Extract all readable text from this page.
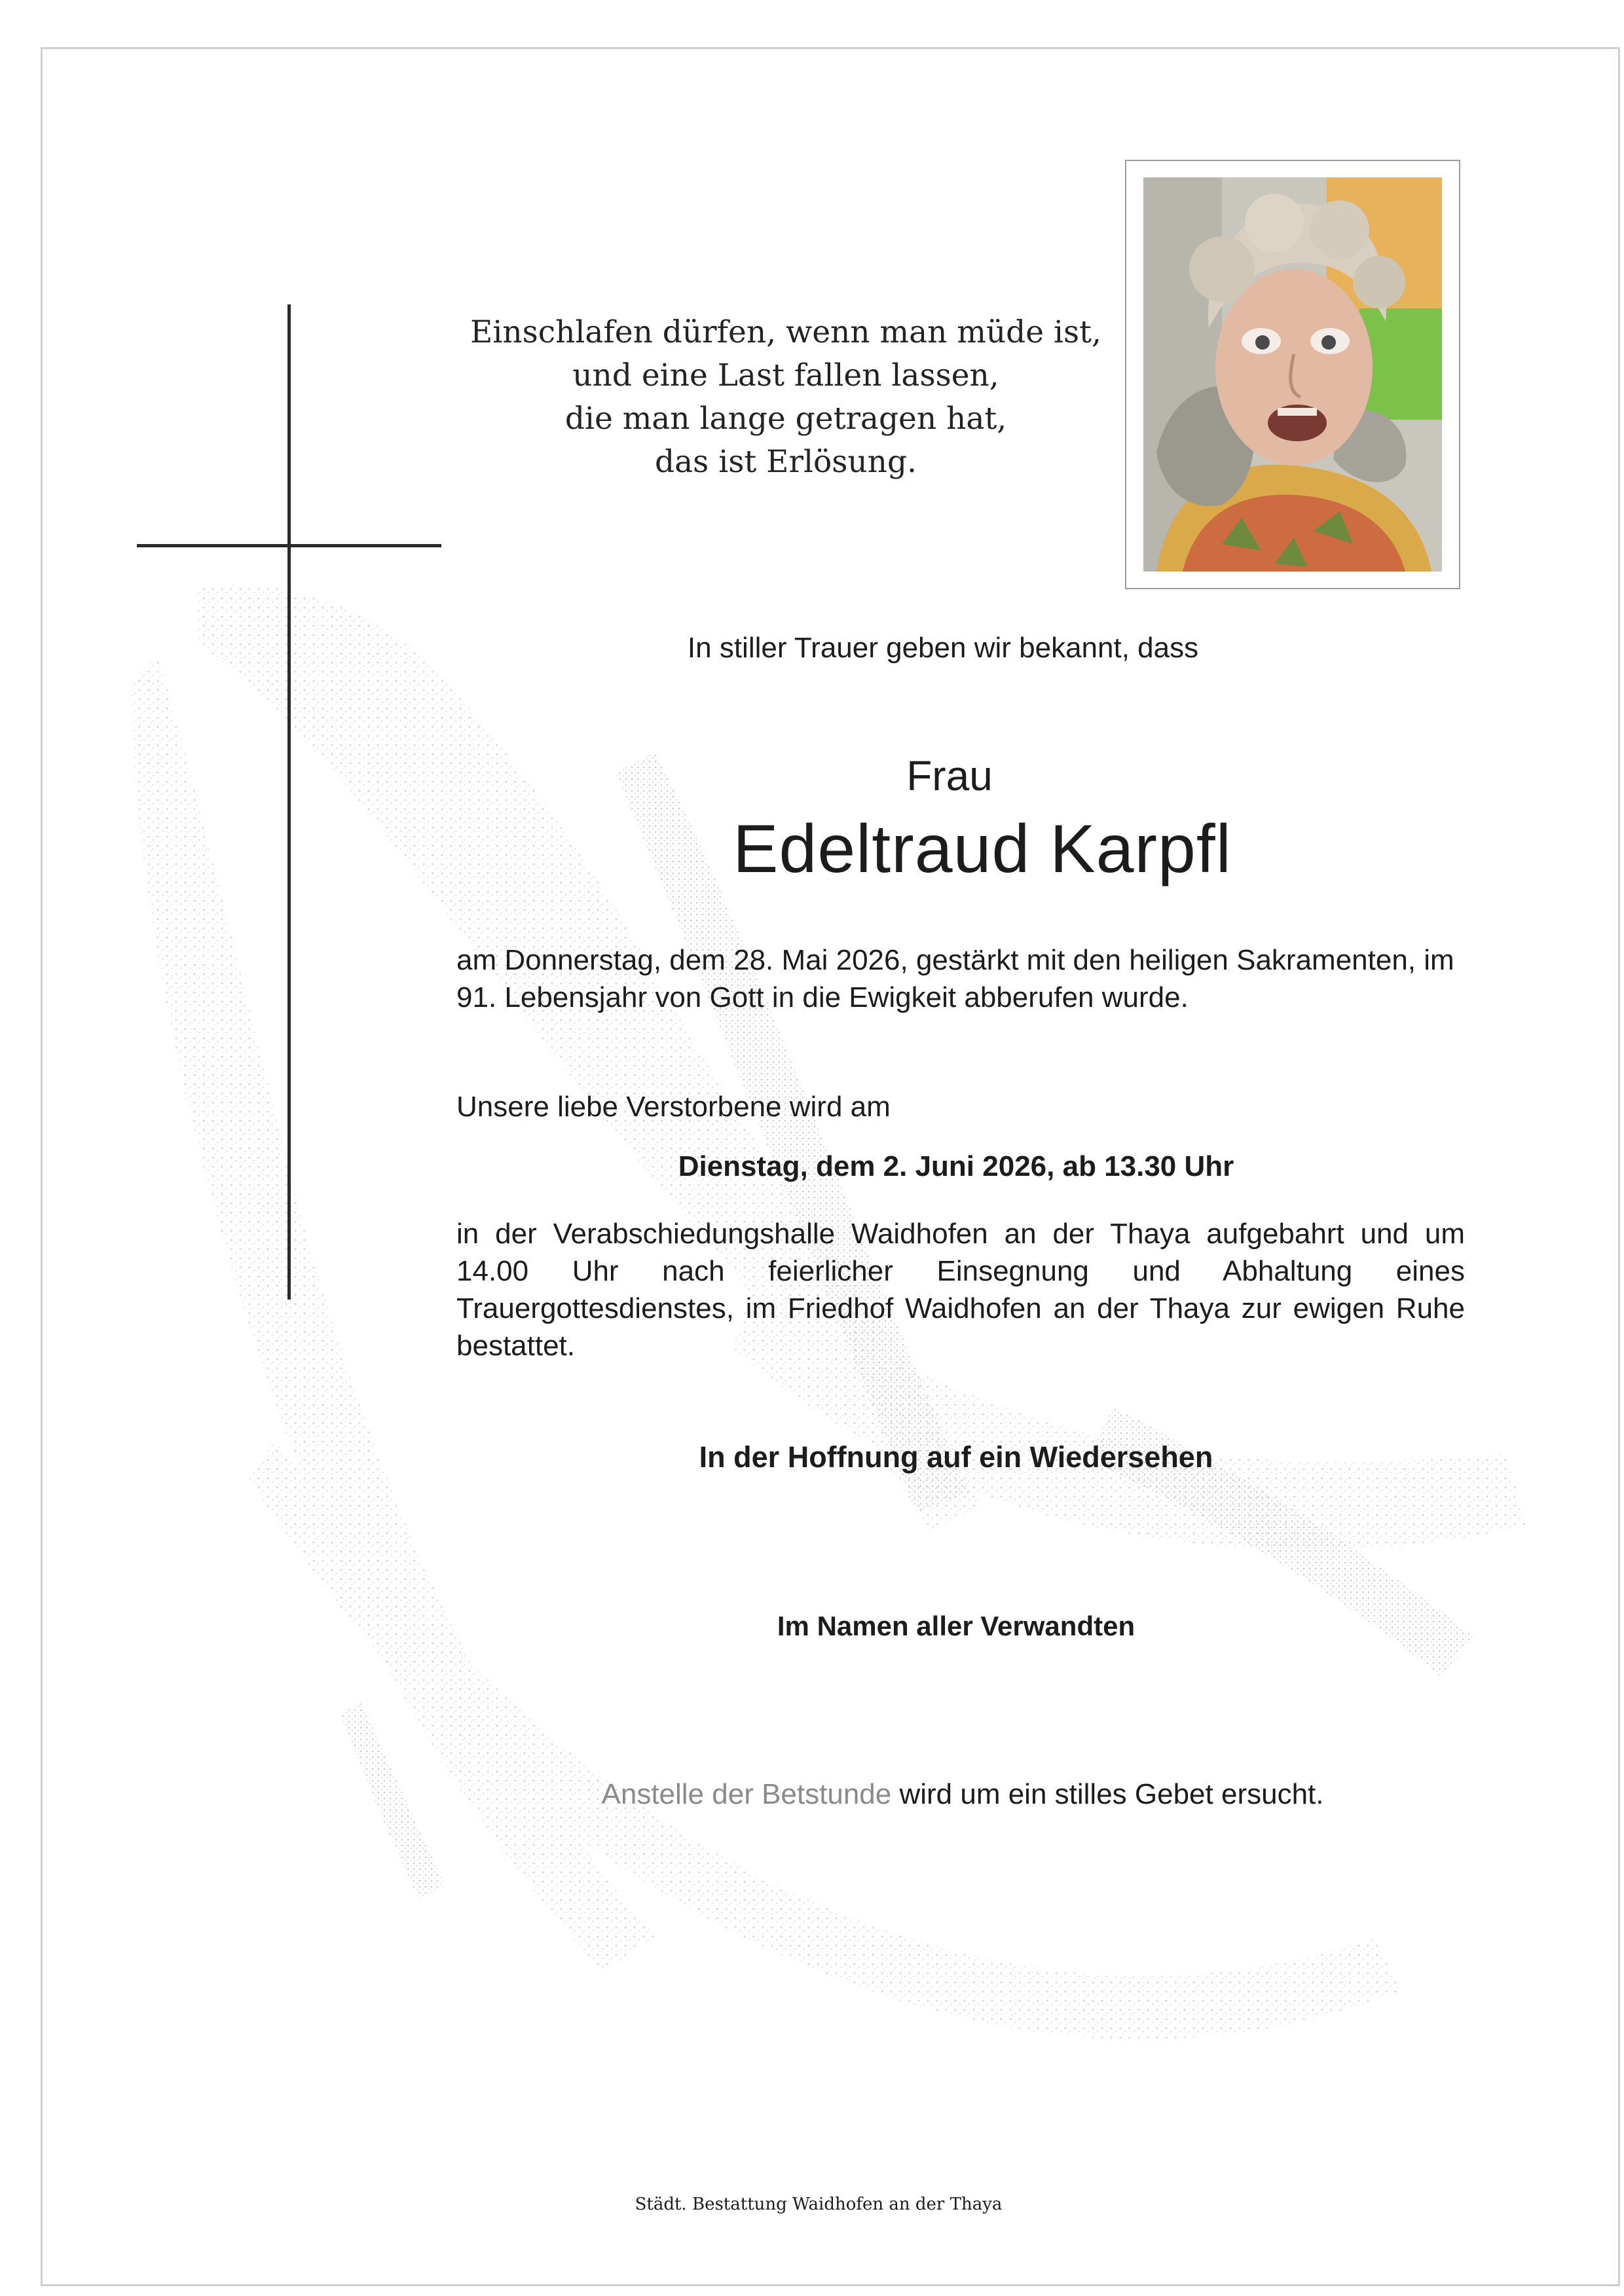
Einschlafen dürfen, wenn man müde ist,
und eine Last fallen lassen,
die man lange getragen hat,
das ist Erlösung.
In stiller Trauer geben wir bekannt, dass
Frau
Edeltraud Karpfl
am Donnerstag, dem 28. Mai 2026, gestärkt mit den heiligen Sakramenten, im 91. Lebensjahr von Gott in die Ewigkeit abberufen wurde.
Unsere liebe Verstorbene wird am
Dienstag, dem 2. Juni 2026, ab 13.30 Uhr
in der Verabschiedungshalle Waidhofen an der Thaya aufgebahrt und um 14.00 Uhr nach feierlicher Einsegnung und Abhaltung eines Trauergottesdienstes, im Friedhof Waidhofen an der Thaya zur ewigen Ruhe bestattet.
In der Hoffnung auf ein Wiedersehen
Im Namen aller Verwandten
Anstelle der Betstunde wird um ein stilles Gebet ersucht.
Städt. Bestattung Waidhofen an der Thaya
